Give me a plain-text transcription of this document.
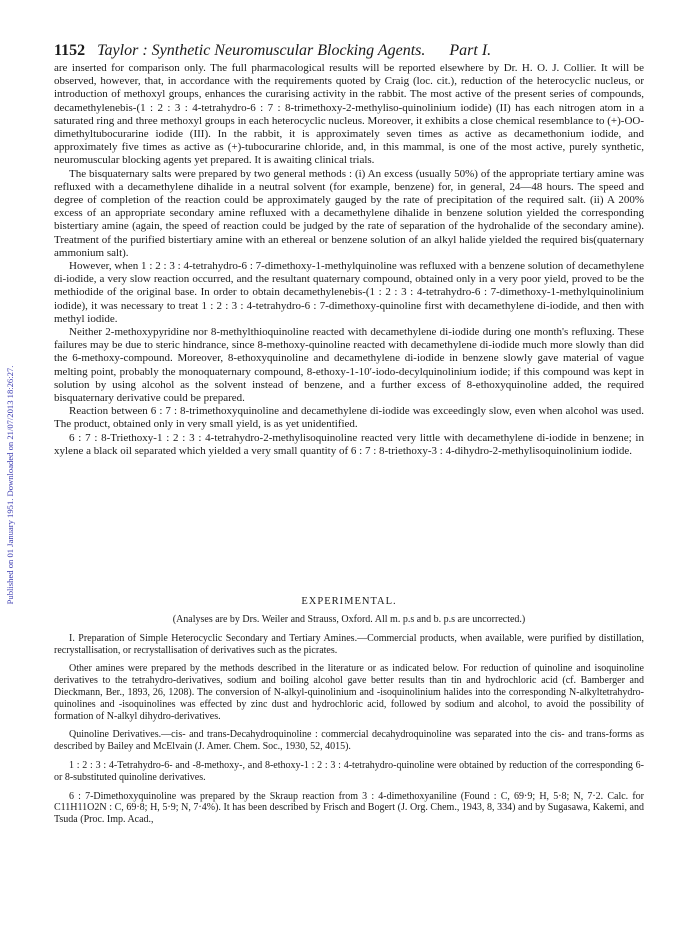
Published on 01 January 1951. Downloaded on 21/07/2013 18:26:27.
1152 Taylor : Synthetic Neuromuscular Blocking Agents. Part I.

are inserted for comparison only. The full pharmacological results will be reported elsewhere by Dr. H. O. J. Collier. It will be observed, however, that, in accordance with the requirements quoted by Craig (loc. cit.), reduction of the heterocyclic nucleus, or introduction of methoxyl groups, enhances the curarising activity in the rabbit. The most active of the present series of compounds, decamethylenebis-(1 : 2 : 3 : 4-tetrahydro-6 : 7 : 8-trimethoxy-2-methyliso-quinolinium iodide) (II) has each nitrogen atom in a saturated ring and three methoxyl groups in each heterocyclic nucleus. Moreover, it exhibits a close chemical resemblance to (+)-OO-dimethyltubocurarine iodide (III). In the rabbit, it is approximately seven times as active as decamethonium iodide, and approximately five times as active as (+)-tubocurarine chloride, and, in this mammal, is one of the most active, purely synthetic, neuromuscular blocking agents yet prepared. It is awaiting clinical trials.

The bisquaternary salts were prepared by two general methods : (i) An excess (usually 50%) of the appropriate tertiary amine was refluxed with a decamethylene dihalide in a neutral solvent (for example, benzene) for, in general, 24—48 hours. The speed and degree of completion of the reaction could be approximately gauged by the rate of precipitation of the required salt. (ii) A 200% excess of an appropriate secondary amine refluxed with a decamethylene dihalide in benzene solution yielded the corresponding bistertiary amine (again, the speed of reaction could be judged by the rate of separation of the hydrohalide of the secondary amine). Treatment of the purified bistertiary amine with an ethereal or benzene solution of an alkyl halide yielded the required bis(quaternary ammonium salt).

However, when 1 : 2 : 3 : 4-tetrahydro-6 : 7-dimethoxy-1-methylquinoline was refluxed with a benzene solution of decamethylene di-iodide, a very slow reaction occurred, and the resultant quaternary compound, obtained only in a very poor yield, proved to be the methiodide of the original base. In order to obtain decamethylenebis-(1 : 2 : 3 : 4-tetrahydro-6 : 7-dimethoxy-1-methylquinolinium iodide), it was necessary to treat 1 : 2 : 3 : 4-tetrahydro-6 : 7-dimethoxy-quinoline first with decamethylene di-iodide, and then with methyl iodide.

Neither 2-methoxypyridine nor 8-methylthioquinoline reacted with decamethylene di-iodide during one month's refluxing. These failures may be due to steric hindrance, since 8-methoxy-quinoline reacted with decamethylene di-iodide much more slowly than did the 6-methoxy-compound. Moreover, 8-ethoxyquinoline and decamethylene di-iodide in benzene slowly gave material of vague melting point, probably the monoquaternary compound, 8-ethoxy-1-10′-iodo-decylquinolinium iodide; if this compound was kept in solution by using alcohol as the solvent instead of benzene, and a further excess of 8-ethoxyquinoline added, the required bisquaternary derivative could be prepared.

Reaction between 6 : 7 : 8-trimethoxyquinoline and decamethylene di-iodide was exceedingly slow, even when alcohol was used. The product, obtained only in very small yield, is as yet unidentified.

6 : 7 : 8-Triethoxy-1 : 2 : 3 : 4-tetrahydro-2-methylisoquinoline reacted very little with decamethylene di-iodide in benzene; in xylene a black oil separated which yielded a very small quantity of 6 : 7 : 8-triethoxy-3 : 4-dihydro-2-methylisoquinolinium iodide.

(Analyses are by Drs. Weiler and Strauss, Oxford. All m. p.s and b. p.s are uncorrected.)

I. Preparation of Simple Heterocyclic Secondary and Tertiary Amines.—Commercial products, when available, were purified by distillation, recrystallisation, or recrystallisation of derivatives such as the picrates.

Other amines were prepared by the methods described in the literature or as indicated below. For reduction of quinoline and isoquinoline derivatives to the tetrahydro-derivatives, sodium and boiling alcohol gave better results than tin and hydrochloric acid (cf. Bamberger and Dieckmann, Ber., 1893, 26, 1208). The conversion of N-alkyl-quinolinium and -isoquinolinium halides into the corresponding N-alkyltetrahydro-quinolines and -isoquinolines was effected by zinc dust and hydrochloric acid, followed by sodium and alcohol, to avoid the possibility of formation of N-alkyl dihydro-derivatives.

Quinoline Derivatives.—cis- and trans-Decahydroquinoline : commercial decahydroquinoline was separated into the cis- and trans-forms as described by Bailey and McElvain (J. Amer. Chem. Soc., 1930, 52, 4015).

1 : 2 : 3 : 4-Tetrahydro-6- and -8-methoxy-, and 8-ethoxy-1 : 2 : 3 : 4-tetrahydro-quinoline were obtained by reduction of the corresponding 6- or 8-substituted quinoline derivatives.

6 : 7-Dimethoxyquinoline was prepared by the Skraup reaction from 3 : 4-dimethoxyaniline (Found : C, 69·9; H, 5·8; N, 7·2. Calc. for C11H11O2N : C, 69·8; H, 5·9; N, 7·4%). It has been described by Frisch and Bogert (J. Org. Chem., 1943, 8, 334) and by Sugasawa, Kakemi, and Tsuda (Proc. Imp. Acad.,

EXPERIMENTAL.
